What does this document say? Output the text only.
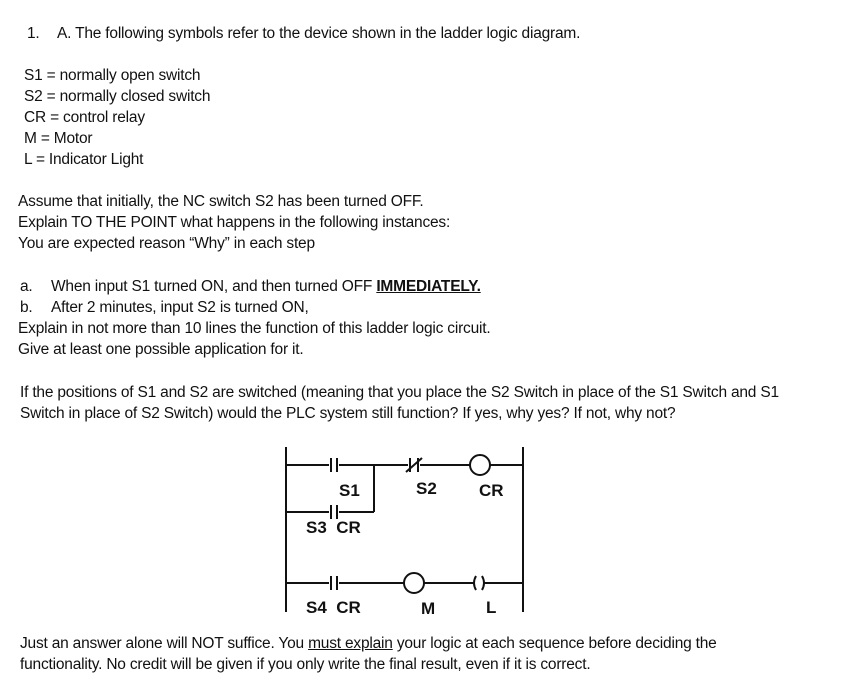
1. A. The following symbols refer to the device shown in the ladder logic diagram.
S1 = normally open switch
S2 = normally closed switch
CR = control relay
M = Motor
L = Indicator Light
Assume that initially, the NC switch S2 has been turned OFF.
Explain TO THE POINT what happens in the following instances:
You are expected reason “Why” in each step
a. When input S1 turned ON, and then turned OFF IMMEDIATELY.
b. After 2 minutes, input S2 is turned ON,
Explain in not more than 10 lines the function of this ladder logic circuit.
Give at least one possible application for it.
If the positions of S1 and S2 are switched (meaning that you place the S2 Switch in place of the S1 Switch and S1
Switch in place of S2 Switch) would the PLC system still function? If yes, why yes? If not, why not?
S1	S2 CR
S3  CR
S4  CR	M	L
Just an answer alone will NOT suffice. You must explain your logic at each sequence before deciding the
functionality. No credit will be given if you only write the final result, even if it is correct.
